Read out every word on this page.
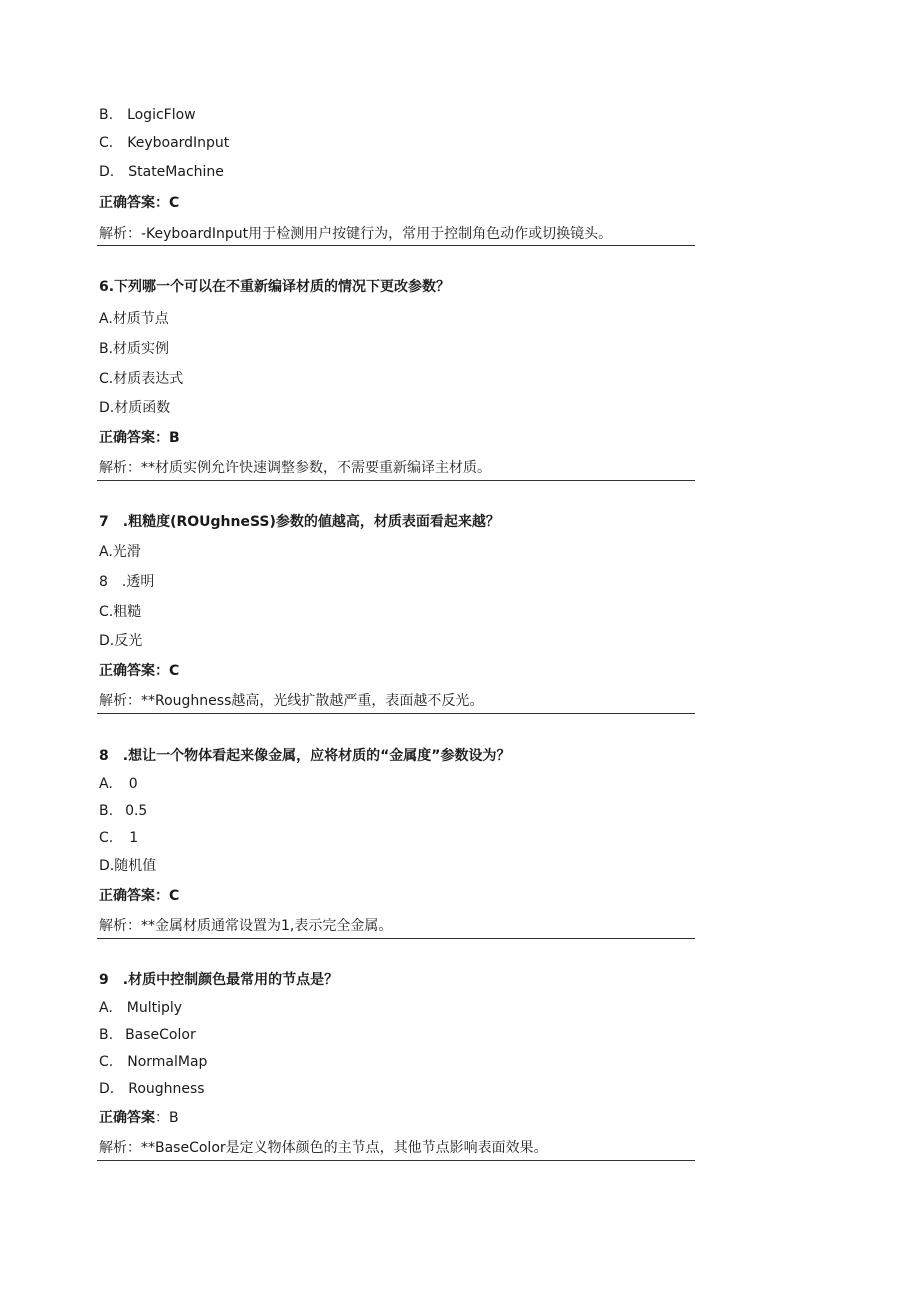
B. LogicFlow
C. KeyboardInput
D. StateMachine
正确答案：C
解析：-KeyboardInput用于检测用户按键行为，常用于控制角色动作或切换镜头。
6.下列哪一个可以在不重新编译材质的情况下更改参数？
A.材质节点
B.材质实例
C.材质表达式
D.材质函数
正确答案：B
解析：**材质实例允许快速调整参数，不需要重新编译主材质。
7 .粗糙度(ROUghneSS)参数的値越高，材质表面看起来越？
A.光滑
8 .透明
C.粗糙
D.反光
正确答案：C
解析：**Roughness越高，光线扩散越严重，表面越不反光。
8 .想让一个物体看起来像金属，应将材质的“金属度”参数设为？
A. 0
B. 0.5
C. 1
D.随机值
正确答案：C
解析：**金属材质通常设置为1,表示完全金属。
9 .材质中控制颜色最常用的节点是？
A. Multiply
B. BaseColor
C. NormalMap
D. Roughness
正确答案：B
解析：**BaseColor是定义物体颜色的主节点，其他节点影响表面效果。
